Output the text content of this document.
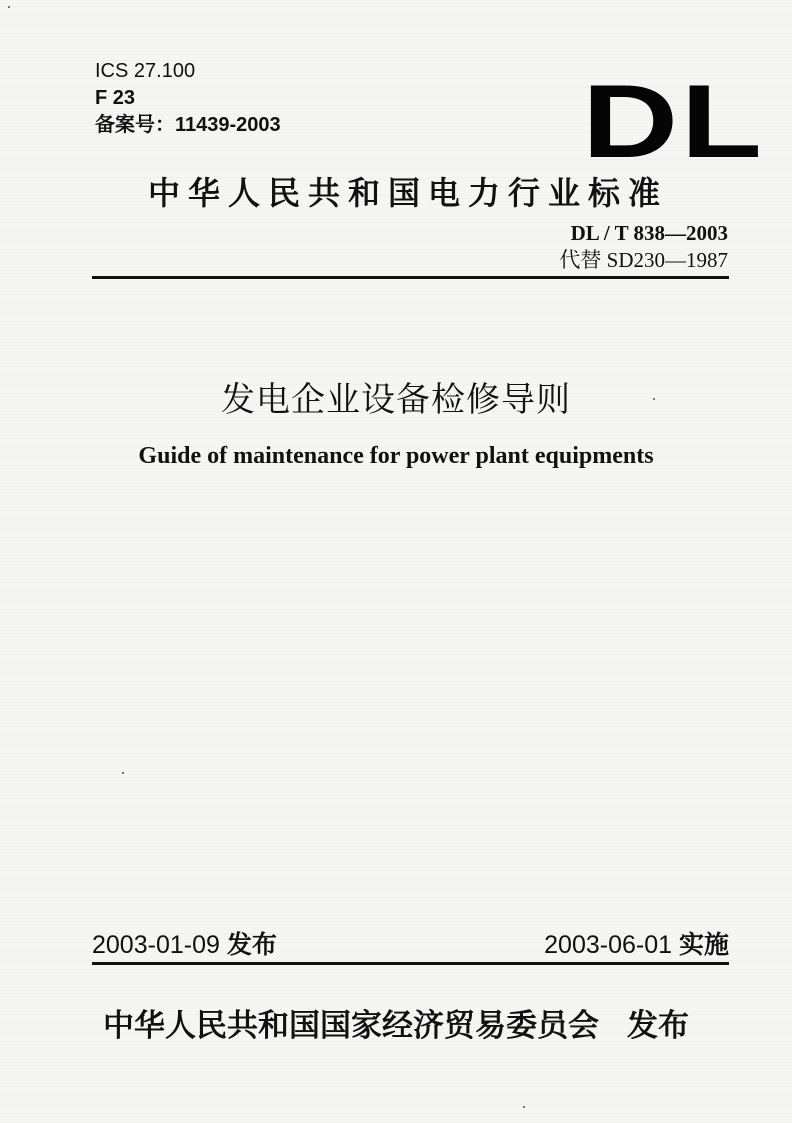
ICS 27.100
F 23
备案号：11439-2003	DL
中华人民共和国电力行业标准
DL / T 838—2003
代替 SD230—1987
发电企业设备检修导则
Guide of maintenance for power plant equipments
2003-01-09 发布	2003-06-01 实施
中华人民共和国国家经济贸易委员会 发布
